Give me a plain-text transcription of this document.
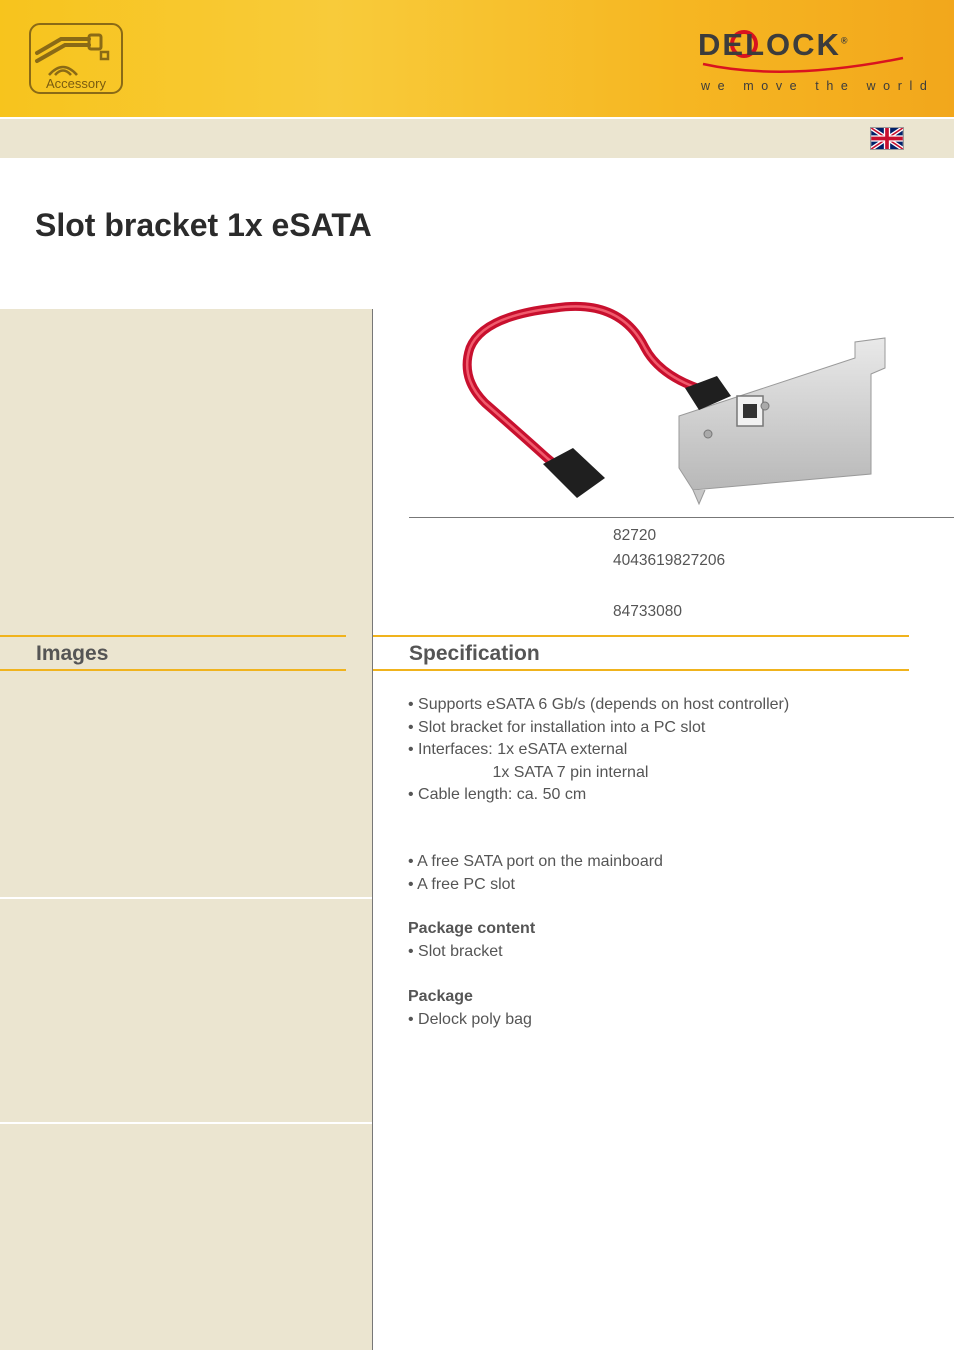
Accessory
DELOCK®
we move the world
Slot bracket 1x eSATA
82720
4043619827206
84733080
Images	Specification
• Supports eSATA 6 Gb/s (depends on host controller)
• Slot bracket for installation into a PC slot
• Interfaces: 1x eSATA external
1x SATA 7 pin internal
• Cable length: ca. 50 cm
• A free SATA port on the mainboard
• A free PC slot
Package content
• Slot bracket
Package
• Delock poly bag
